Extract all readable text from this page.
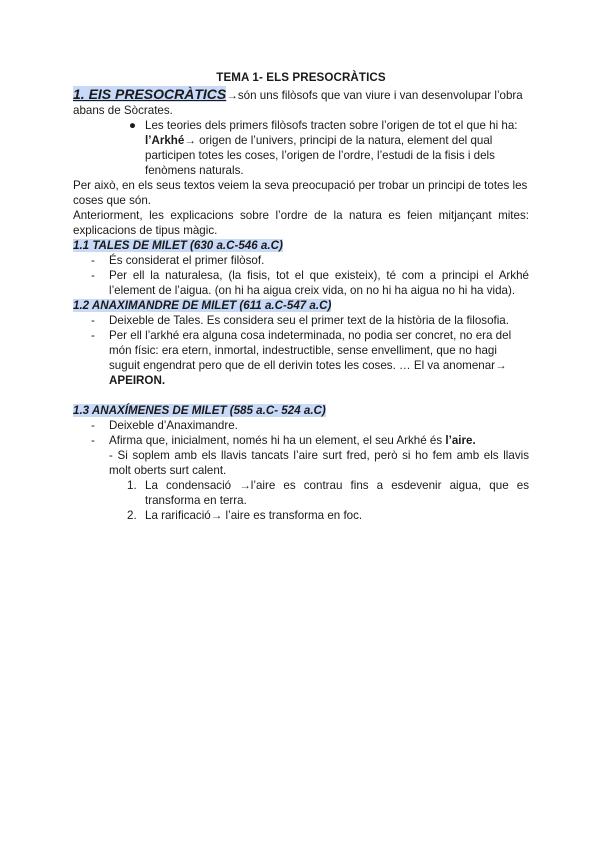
TEMA 1- ELS PRESOCRÀTICS

1. EIS PRESOCRÀTICS→són uns filòsofs que van viure i van desenvolupar l’obra abans de Sòcrates.

● Les teories dels primers filòsofs tracten sobre l’origen de tot el que hi ha:
l’Arkhé→ origen de l’univers, principi de la natura, element del qual participen totes les coses, l’origen de l’ordre, l’estudi de la fisis i dels fenòmens naturals.

Per això, en els seus textos veiem la seva preocupació per trobar un principi de totes les coses que són.

Anteriorment, les explicacions sobre l’ordre de la natura es feien mitjançant mites: explicacions de tipus màgic.

1.1 TALES DE MILET (630 a.C-546 a.C)

- És considerat el primer filòsof.
- Per ell la naturalesa, (la fisis, tot el que existeix), té com a principi el Arkhé l’element de l’aigua. (on hi ha aigua creix vida, on no hi ha aigua no hi ha vida).

1.2 ANAXIMANDRE DE MILET (611 a.C-547 a.C)

- Deixeble de Tales. Es considera seu el primer text de la història de la filosofia.
- Per ell l’arkhé era alguna cosa indeterminada, no podia ser concret, no era del món físic: era etern, inmortal, indestructible, sense envelliment, que no hagi suguit engendrat pero que de ell derivin totes les coses. … El va anomenar→ APEIRON.

1.3 ANAXÍMENES DE MILET (585 a.C- 524 a.C)

- Deixeble d’Anaximandre.
- Afirma que, inicialment, només hi ha un element, el seu Arkhé és l’aire.

- Si soplem amb els llavis tancats l’aire surt fred, però si ho fem amb els llavis molt oberts surt calent.

1. La condensació →l’aire es contrau fins a esdevenir aigua, que es transforma en terra.
2. La rarificació→ l’aire es transforma en foc.
